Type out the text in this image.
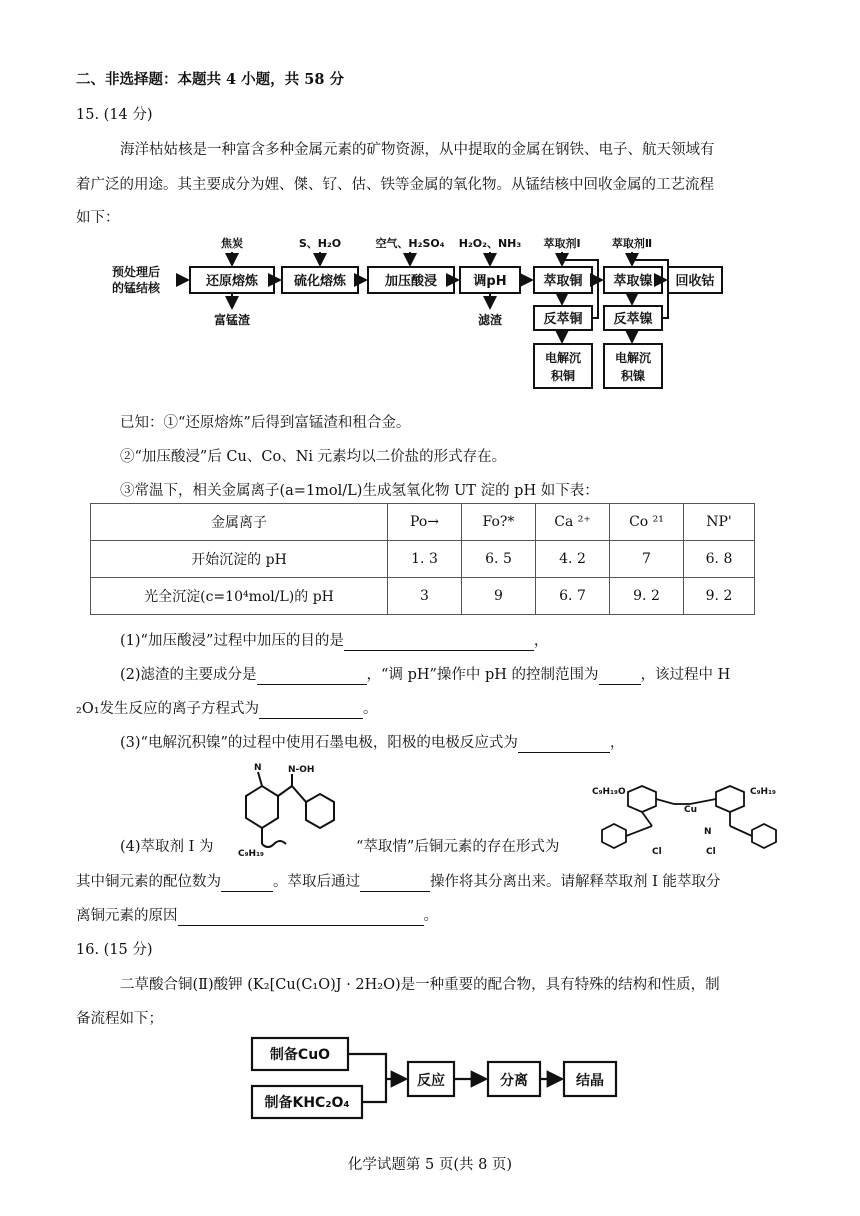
二、非选择题：本题共 4 小题，共 58 分
15. (14 分)
海洋枯姑核是一种富含多种金属元素的矿物资源，从中提取的金属在钢铁、电子、航天领域有
着广泛的用途。其主要成分为娌、傑、钌、估、铁等金属的氧化物。从锰结核中回收金属的工艺流程
如下：
预处理后
的锰结核	还原熔炼	硫化熔炼	加压酸浸	调pH	萃取铜 萃取镍 回收钴
焦炭	S、H₂O	空气、H₂SO₄ H₂O₂、NH₃ 萃取剂Ⅰ	萃取剂Ⅱ
富锰渣	滤渣	反萃铜 反萃镍
电解沉
积铜
电解沉
积镍
已知：①“还原熔炼”后得到富锰渣和租合金。
②“加压酸浸”后 Cu、Co、Ni 元素均以二价盐的形式存在。
③常温下，相关金属离子(a=1mol/L)生成氢氧化物 UT 淀的 pH 如下表：
金属离子	Po→	Fo?*	Ca ²⁺	Co ²¹	NP'
开始沉淀的 pH	1. 3	6. 5	4. 2	7	6. 8
光全沉淀(c=10⁴mol/L)的 pH	3	9	6. 7	9. 2	9. 2
(1)“加压酸浸”过程中加压的目的是	，
(2)滤渣的主要成分是	，“调 pH”操作中 pH 的控制范围为	，该过程中 H
₂O₁发生反应的离子方程式为	。
(3)“电解沉积镍”的过程中使用石墨电极，阳极的电极反应式为	，
N	N-OH
C₉H₁₉
(4)萃取剂 I 为	“萃取情”后铜元素的存在形式为
C₉H₁₉O	C₉H₁₉
Cu
N
Cl	Cl
其中铜元素的配位数为	。萃取后通过	操作将其分离出来。请解释萃取剂 I 能萃取分
离铜元素的原因	。
16. (15 分)
二草酸合铜(Ⅱ)酸钾 (K₂[Cu(C₁O)J · 2H₂O)是一种重要的配合物，具有特殊的结构和性质，制
备流程如下；
制备CuO
制备KHC₂O₄
反应	分离	结晶
化学试题第 5 页(共 8 页)
